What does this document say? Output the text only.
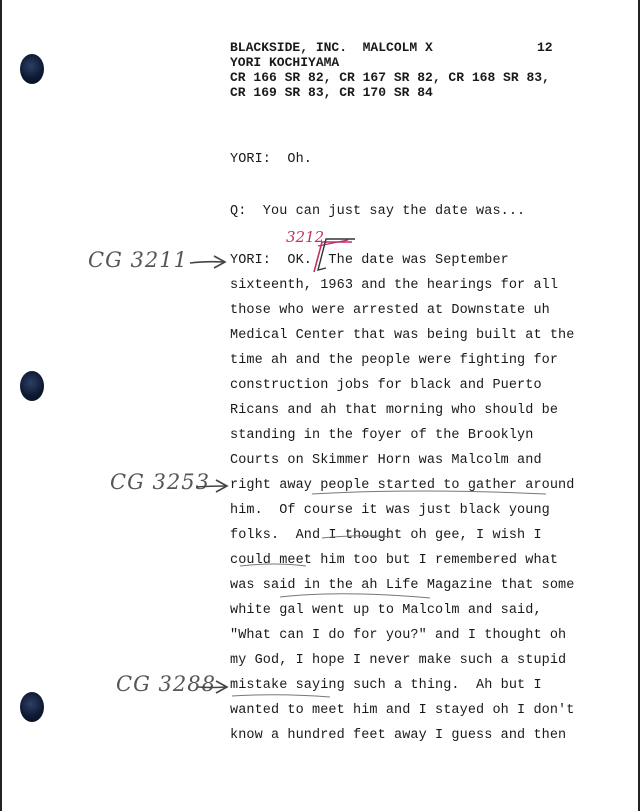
BLACKSIDE, INC.  MALCOLM X	12
YORI KOCHIYAMA
CR 166 SR 82, CR 167 SR 82, CR 168 SR 83,
CR 169 SR 83, CR 170 SR 84
YORI:  Oh.
Q:  You can just say the date was...
YORI:  OK.  The date was September
sixteenth, 1963 and the hearings for all
those who were arrested at Downstate uh
Medical Center that was being built at the
time ah and the people were fighting for
construction jobs for black and Puerto
Ricans and ah that morning who should be
standing in the foyer of the Brooklyn
Courts on Skimmer Horn was Malcolm and
right away people started to gather around
him.  Of course it was just black young
folks.  And I thought oh gee, I wish I
could meet him too but I remembered what
was said in the ah Life Magazine that some
white gal went up to Malcolm and said,
"What can I do for you?" and I thought oh
my God, I hope I never make such a stupid
mistake saying such a thing.  Ah but I
wanted to meet him and I stayed oh I don't
know a hundred feet away I guess and then
CG 3211
CG 3253
CG 3288
3212
